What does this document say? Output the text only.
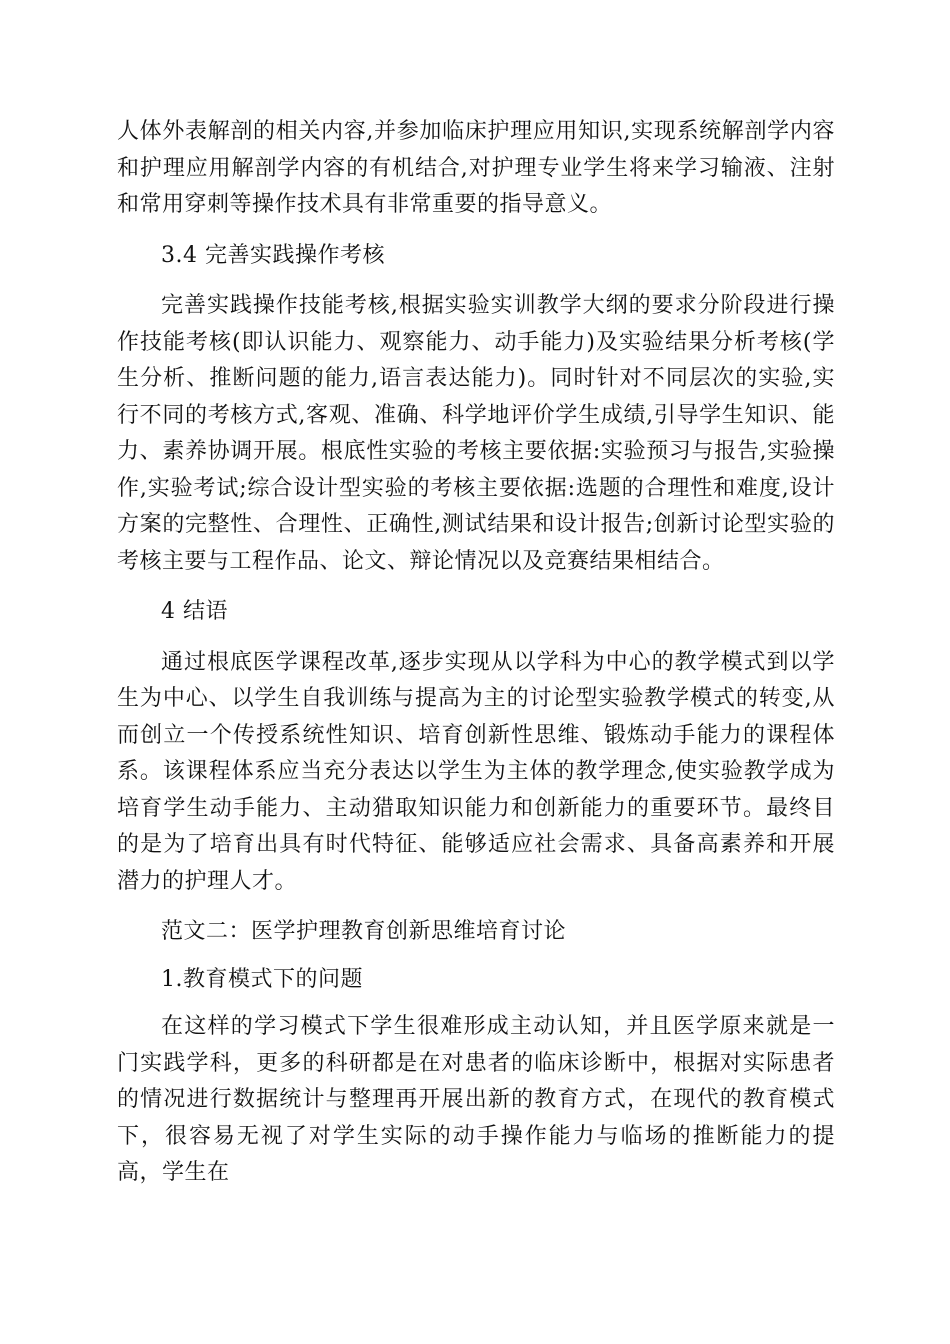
人体外表解剖的相关内容,并参加临床护理应用知识,实现系统解剖学内容和护理应用解剖学内容的有机结合,对护理专业学生将来学习输液、注射和常用穿刺等操作技术具有非常重要的指导意义。

3.4 完善实践操作考核

完善实践操作技能考核,根据实验实训教学大纲的要求分阶段进行操作技能考核(即认识能力、观察能力、动手能力)及实验结果分析考核(学生分析、推断问题的能力,语言表达能力)。同时针对不同层次的实验,实行不同的考核方式,客观、准确、科学地评价学生成绩,引导学生知识、能力、素养协调开展。根底性实验的考核主要依据:实验预习与报告,实验操作,实验考试;综合设计型实验的考核主要依据:选题的合理性和难度,设计方案的完整性、合理性、正确性,测试结果和设计报告;创新讨论型实验的考核主要与工程作品、论文、辩论情况以及竞赛结果相结合。

4 结语

通过根底医学课程改革,逐步实现从以学科为中心的教学模式到以学生为中心、以学生自我训练与提高为主的讨论型实验教学模式的转变,从而创立一个传授系统性知识、培育创新性思维、锻炼动手能力的课程体系。该课程体系应当充分表达以学生为主体的教学理念,使实验教学成为培育学生动手能力、主动猎取知识能力和创新能力的重要环节。最终目的是为了培育出具有时代特征、能够适应社会需求、具备高素养和开展潜力的护理人才。

范文二：医学护理教育创新思维培育讨论

1.教育模式下的问题

在这样的学习模式下学生很难形成主动认知，并且医学原来就是一门实践学科，更多的科研都是在对患者的临床诊断中，根据对实际患者的情况进行数据统计与整理再开展出新的教育方式，在现代的教育模式下，很容易无视了对学生实际的动手操作能力与临场的推断能力的提高，学生在
